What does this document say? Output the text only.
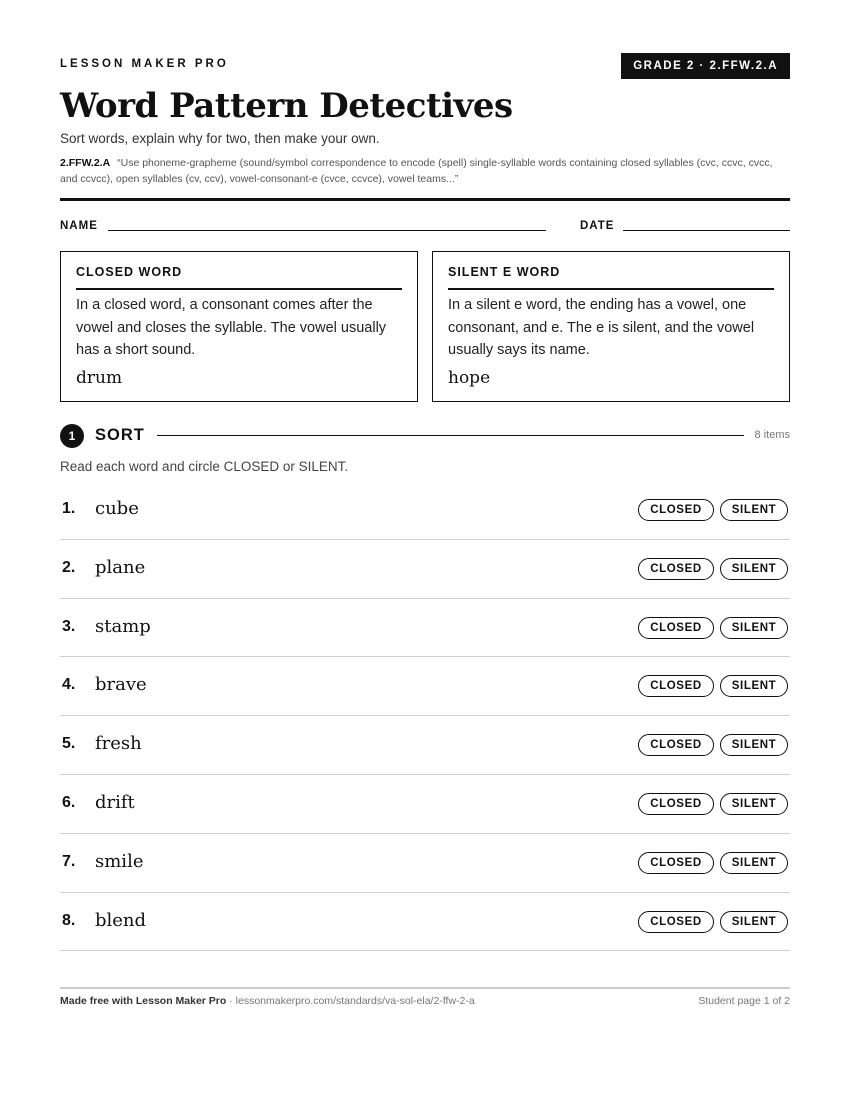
LESSON MAKER PRO	GRADE 2 · 2.FFW.2.A
Word Pattern Detectives
Sort words, explain why for two, then make your own.
2.FFW.2.A “Use phoneme-grapheme (sound/symbol correspondence to encode (spell) single-syllable words containing closed syllables (cvc, ccvc, cvcc, and ccvcc), open syllables (cv, ccv), vowel-consonant-e (cvce, ccvce), vowel teams...”
NAME	DATE
CLOSED WORD
In a closed word, a consonant comes after the vowel and closes the syllable. The vowel usually has a short sound.
drum
SILENT E WORD
In a silent e word, the ending has a vowel, one consonant, and e. The e is silent, and the vowel usually says its name.
hope
1	SORT	8 items
Read each word and circle CLOSED or SILENT.
1. cube	CLOSED	SILENT
2. plane	CLOSED	SILENT
3. stamp	CLOSED	SILENT
4. brave	CLOSED	SILENT
5. fresh	CLOSED	SILENT
6. drift	CLOSED	SILENT
7. smile	CLOSED	SILENT
8. blend	CLOSED	SILENT
Made free with Lesson Maker Pro · lessonmakerpro.com/standards/va-sol-ela/2-ffw-2-a	Student page 1 of 2
